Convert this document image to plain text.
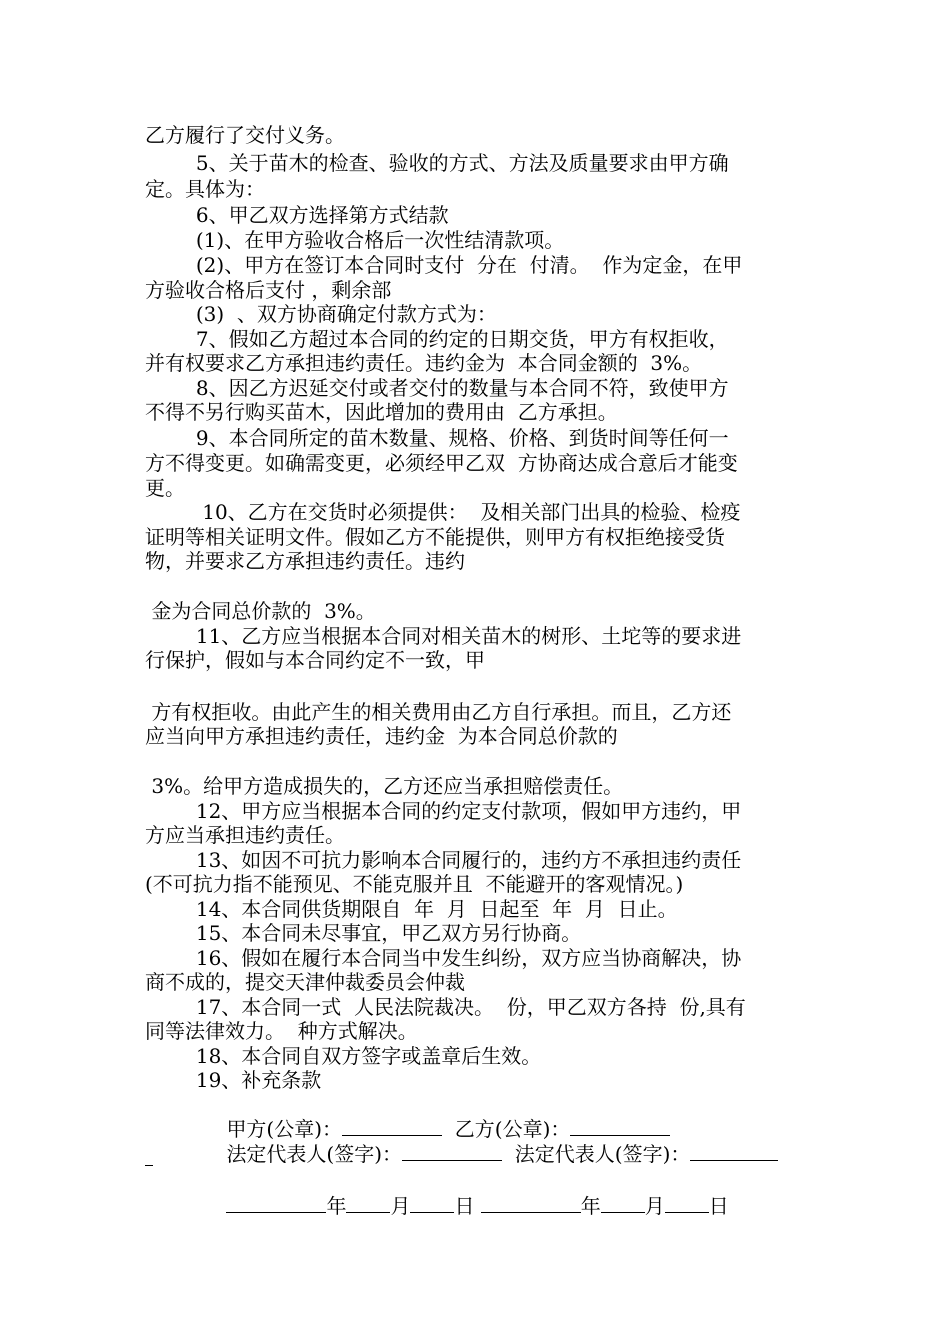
乙方履行了交付义务。
5、关于苗木的检查、验收的方式、方法及质量要求由甲方确
定。具体为：
6、甲乙双方选择第方式结款
(1)、在甲方验收合格后一次性结清款项。
(2)、甲方在签订本合同时支付  分在  付清。  作为定金，在甲
方验收合格后支付 ，剩余部
(3)  、双方协商确定付款方式为：
7、假如乙方超过本合同的约定的日期交货，甲方有权拒收，
并有权要求乙方承担违约责任。违约金为  本合同金额的  3%。
8、因乙方迟延交付或者交付的数量与本合同不符，致使甲方
不得不另行购买苗木，因此增加的费用由  乙方承担。
9、本合同所定的苗木数量、规格、价格、到货时间等任何一
方不得变更。如确需变更，必须经甲乙双  方协商达成合意后才能变
更。
10、乙方在交货时必须提供：  及相关部门出具的检验、检疫
证明等相关证明文件。假如乙方不能提供，则甲方有权拒绝接受货
物，并要求乙方承担违约责任。违约
金为合同总价款的  3%。
11、乙方应当根据本合同对相关苗木的树形、土坨等的要求进
行保护，假如与本合同约定不一致，甲
方有权拒收。由此产生的相关费用由乙方自行承担。而且，乙方还
应当向甲方承担违约责任，违约金  为本合同总价款的
3%。给甲方造成损失的，乙方还应当承担赔偿责任。
12、甲方应当根据本合同的约定支付款项，假如甲方违约，甲
方应当承担违约责任。
13、如因不可抗力影响本合同履行的，违约方不承担违约责任
(不可抗力指不能预见、不能克服并且  不能避开的客观情况。)
14、本合同供货期限自  年  月  日起至  年  月  日止。
15、本合同未尽事宜，甲乙双方另行协商。
16、假如在履行本合同当中发生纠纷，双方应当协商解决，协
商不成的，提交天津仲裁委员会仲裁
17、本合同一式  人民法院裁决。  份，甲乙双方各持  份,具有
同等法律效力。  种方式解决。
18、本合同自双方签字或盖章后生效。
19、补充条款

甲方(公章)：	乙方(公章)：

法定代表人(签字)：	法定代表人(签字)：

年 月 日	年 月 日
